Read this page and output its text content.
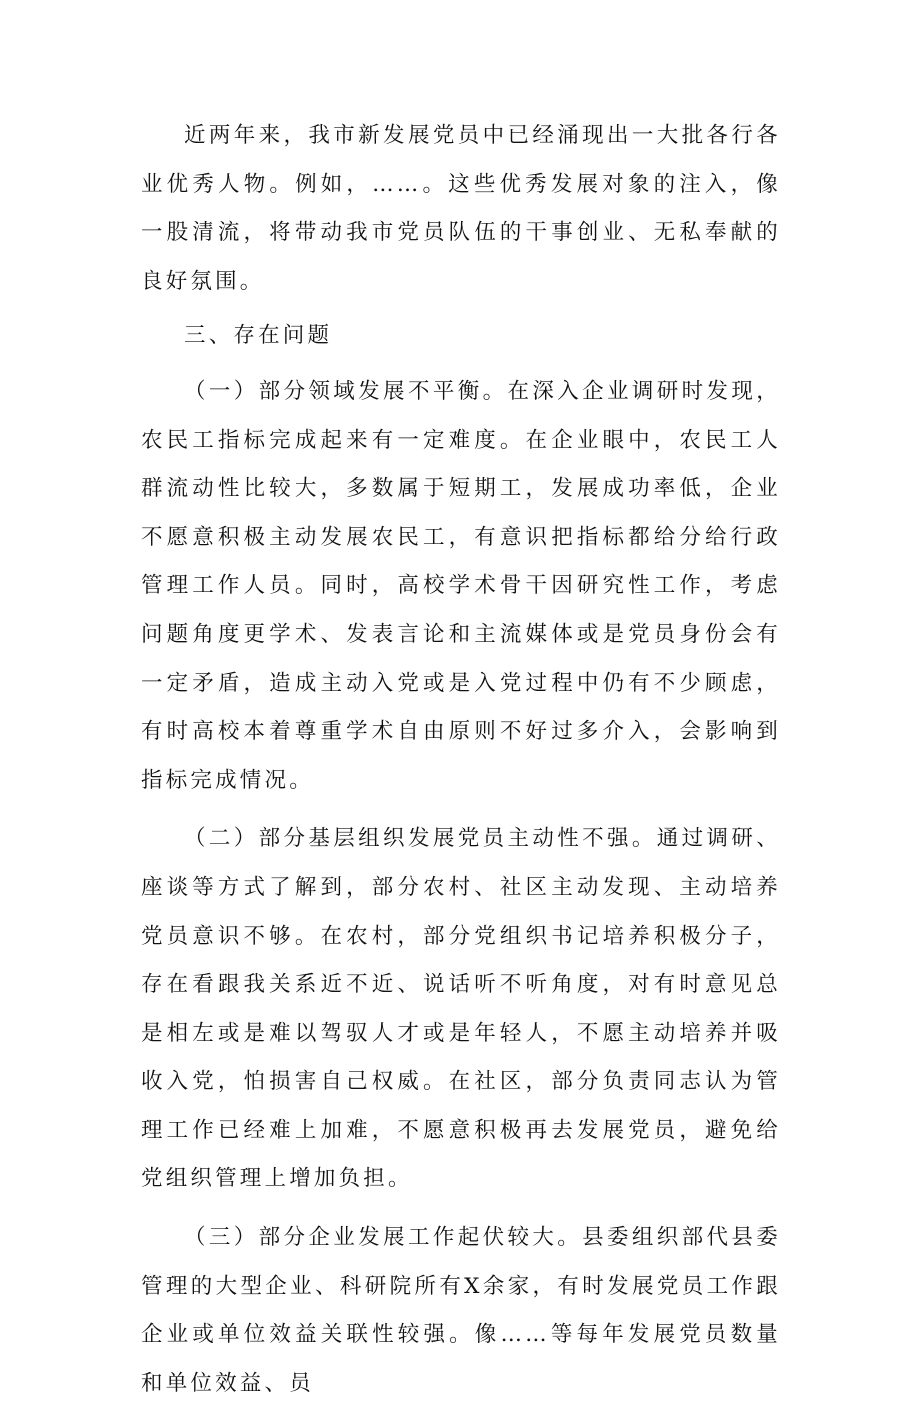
近两年来，我市新发展党员中已经涌现出一大批各行各业优秀人物。例如，……。这些优秀发展对象的注入，像一股清流，将带动我市党员队伍的干事创业、无私奉献的良好氛围。

三、存在问题

（一）部分领域发展不平衡。在深入企业调研时发现，农民工指标完成起来有一定难度。在企业眼中，农民工人群流动性比较大，多数属于短期工，发展成功率低，企业不愿意积极主动发展农民工，有意识把指标都给分给行政管理工作人员。同时，高校学术骨干因研究性工作，考虑问题角度更学术、发表言论和主流媒体或是党员身份会有一定矛盾，造成主动入党或是入党过程中仍有不少顾虑，有时高校本着尊重学术自由原则不好过多介入，会影响到指标完成情况。

（二）部分基层组织发展党员主动性不强。通过调研、座谈等方式了解到，部分农村、社区主动发现、主动培养党员意识不够。在农村，部分党组织书记培养积极分子，存在看跟我关系近不近、说话听不听角度，对有时意见总是相左或是难以驾驭人才或是年轻人，不愿主动培养并吸收入党，怕损害自己权威。在社区，部分负责同志认为管理工作已经难上加难，不愿意积极再去发展党员，避免给党组织管理上增加负担。

（三）部分企业发展工作起伏较大。县委组织部代县委管理的大型企业、科研院所有X余家，有时发展党员工作跟企业或单位效益关联性较强。像……等每年发展党员数量和单位效益、员
